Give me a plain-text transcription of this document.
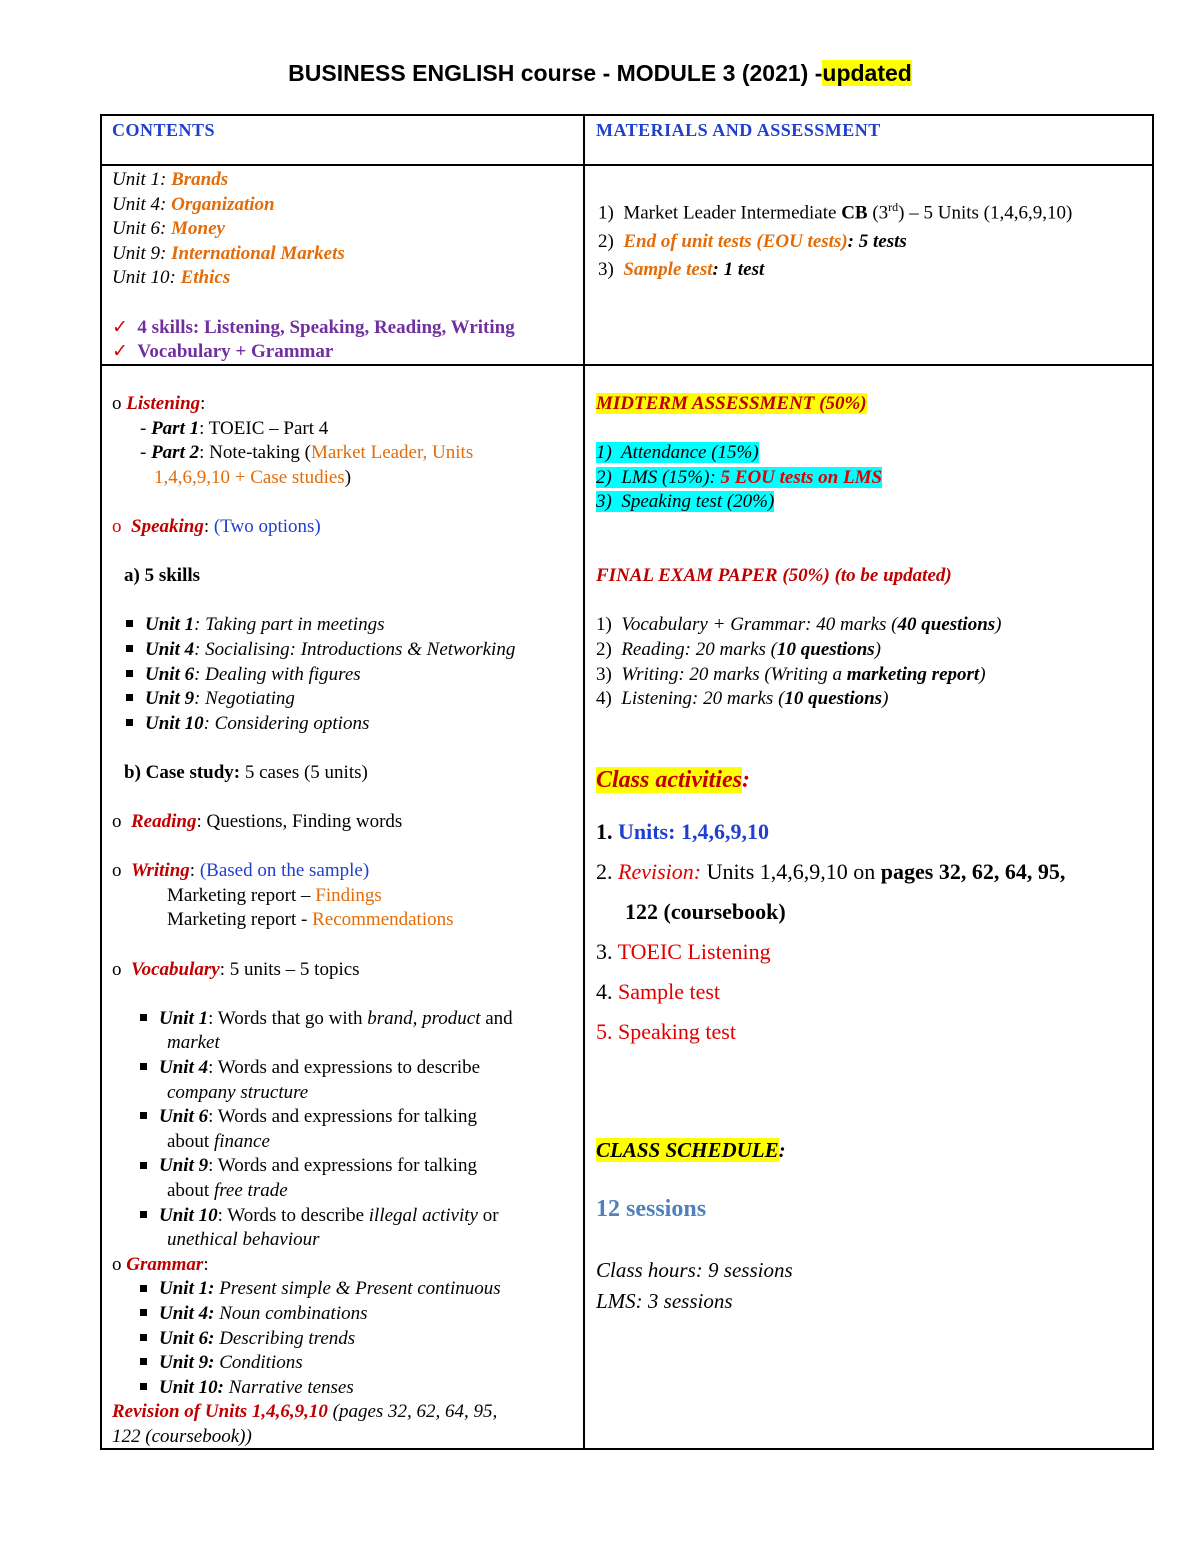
BUSINESS ENGLISH course - MODULE 3 (2021) -updated
CONTENTS	MATERIALS AND ASSESSMENT
Unit 1: Brands
Unit 4: Organization
Unit 6: Money
Unit 9: International Markets
Unit 10: Ethics
✓ 4 skills: Listening, Speaking, Reading, Writing
✓ Vocabulary + Grammar
1) Market Leader Intermediate CB (3rd) – 5 Units (1,4,6,9,10)
2) End of unit tests (EOU tests): 5 tests
3) Sample test: 1 test
o Listening:
- Part 1: TOEIC – Part 4
- Part 2: Note-taking (Market Leader, Units
1,4,6,9,10 + Case studies)
o Speaking: (Two options)
a) 5 skills
Unit 1: Taking part in meetings
Unit 4: Socialising: Introductions & Networking
Unit 6: Dealing with figures
Unit 9: Negotiating
Unit 10: Considering options
b) Case study: 5 cases (5 units)
o Reading: Questions, Finding words
o Writing: (Based on the sample)
Marketing report – Findings
Marketing report - Recommendations
o Vocabulary: 5 units – 5 topics
Unit 1: Words that go with brand, product and
market
Unit 4: Words and expressions to describe
company structure
Unit 6: Words and expressions for talking
about finance
Unit 9: Words and expressions for talking
about free trade
Unit 10: Words to describe illegal activity or
unethical behaviour
o Grammar:
Unit 1: Present simple & Present continuous
Unit 4: Noun combinations
Unit 6: Describing trends
Unit 9: Conditions
Unit 10: Narrative tenses
Revision of Units 1,4,6,9,10 (pages 32, 62, 64, 95,
122 (coursebook))
MIDTERM ASSESSMENT (50%)
1) Attendance (15%)
2) LMS (15%): 5 EOU tests on LMS
3) Speaking test (20%)
FINAL EXAM PAPER (50%) (to be updated)
1) Vocabulary + Grammar: 40 marks (40 questions)
2) Reading: 20 marks (10 questions)
3) Writing: 20 marks (Writing a marketing report)
4) Listening: 20 marks (10 questions)
Class activities:
1. Units: 1,4,6,9,10
2. Revision: Units 1,4,6,9,10 on pages 32, 62, 64, 95,
122 (coursebook)
3. TOEIC Listening
4. Sample test
5. Speaking test
CLASS SCHEDULE:
12 sessions
Class hours: 9 sessions
LMS: 3 sessions
